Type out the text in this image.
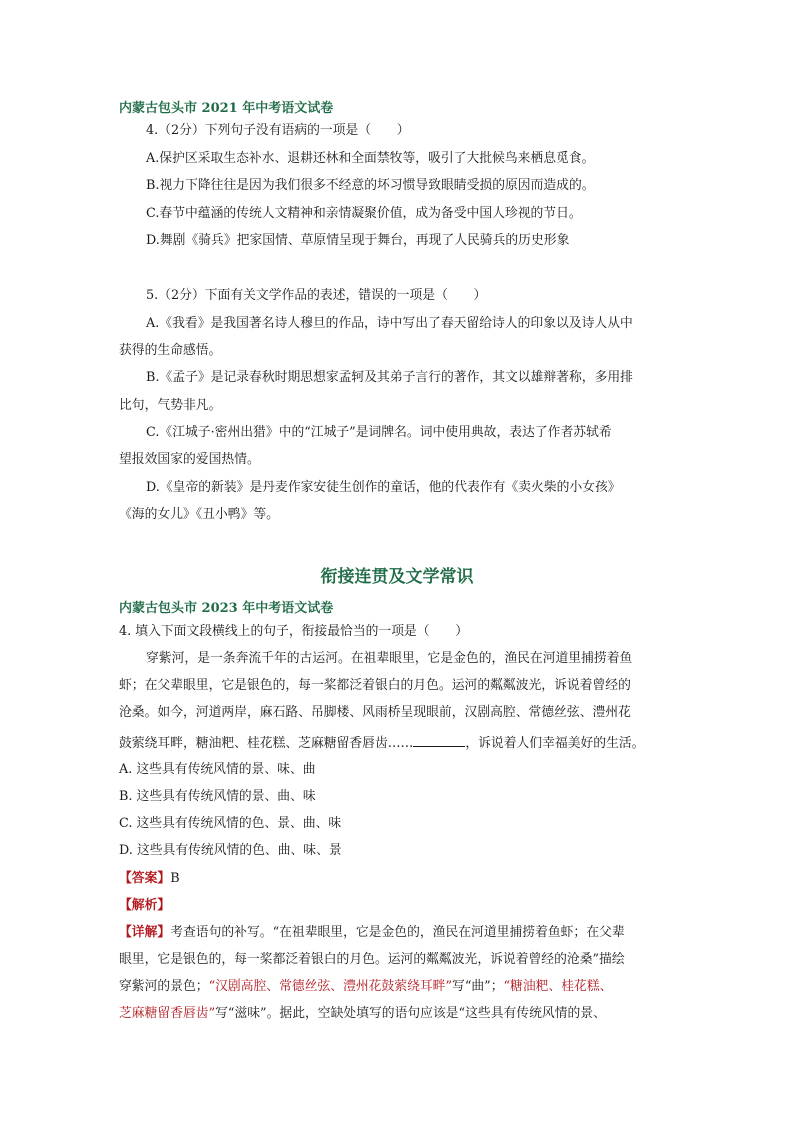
内蒙古包头市 2021 年中考语文试卷
4.（2分）下列句子没有语病的一项是（　　）
A.保护区采取生态补水、退耕还林和全面禁牧等，吸引了大批候鸟来栖息觅食。
B.视力下降往往是因为我们很多不经意的坏习惯导致眼睛受损的原因而造成的。
C.春节中蕴涵的传统人文精神和亲情凝聚价值，成为备受中国人珍视的节日。
D.舞剧《骑兵》把家国情、草原情呈现于舞台，再现了人民骑兵的历史形象
5.（2分）下面有关文学作品的表述，错误的一项是（　　）
A.《我看》是我国著名诗人穆旦的作品，诗中写出了春天留给诗人的印象以及诗人从中
获得的生命感悟。
B.《孟子》是记录春秋时期思想家孟轲及其弟子言行的著作，其文以雄辩著称，多用排
比句，气势非凡。
C.《江城子·密州出猎》中的“江城子”是词牌名。词中使用典故，表达了作者苏轼希
望报效国家的爱国热情。
D.《皇帝的新装》是丹麦作家安徒生创作的童话，他的代表作有《卖火柴的小女孩》
《海的女儿》《丑小鸭》等。
衔接连贯及文学常识
内蒙古包头市 2023 年中考语文试卷
4. 填入下面文段横线上的句子，衔接最恰当的一项是（　　）
穿紫河，是一条奔流千年的古运河。在祖辈眼里，它是金色的，渔民在河道里捕捞着鱼
虾；在父辈眼里，它是银色的，每一桨都泛着银白的月色。运河的粼粼波光，诉说着曾经的
沧桑。如今，河道两岸，麻石路、吊脚楼、风雨桥呈现眼前，汉剧高腔、常德丝弦、澧州花
鼓萦绕耳畔，糖油粑、桂花糕、芝麻糖留香唇齿……	，诉说着人们幸福美好的生活。
A. 这些具有传统风情的景、味、曲
B. 这些具有传统风情的景、曲、味
C. 这些具有传统风情的色、景、曲、味
D. 这些具有传统风情的色、曲、味、景
【答案】B
【解析】
【详解】考查语句的补写。“在祖辈眼里，它是金色的，渔民在河道里捕捞着鱼虾；在父辈
眼里，它是银色的，每一桨都泛着银白的月色。运河的粼粼波光，诉说着曾经的沧桑”描绘
穿紫河的景色；“汉剧高腔、常德丝弦、澧州花鼓萦绕耳畔”写“曲”；“糖油粑、桂花糕、
芝麻糖留香唇齿”写“滋味”。据此，空缺处填写的语句应该是“这些具有传统风情的景、
